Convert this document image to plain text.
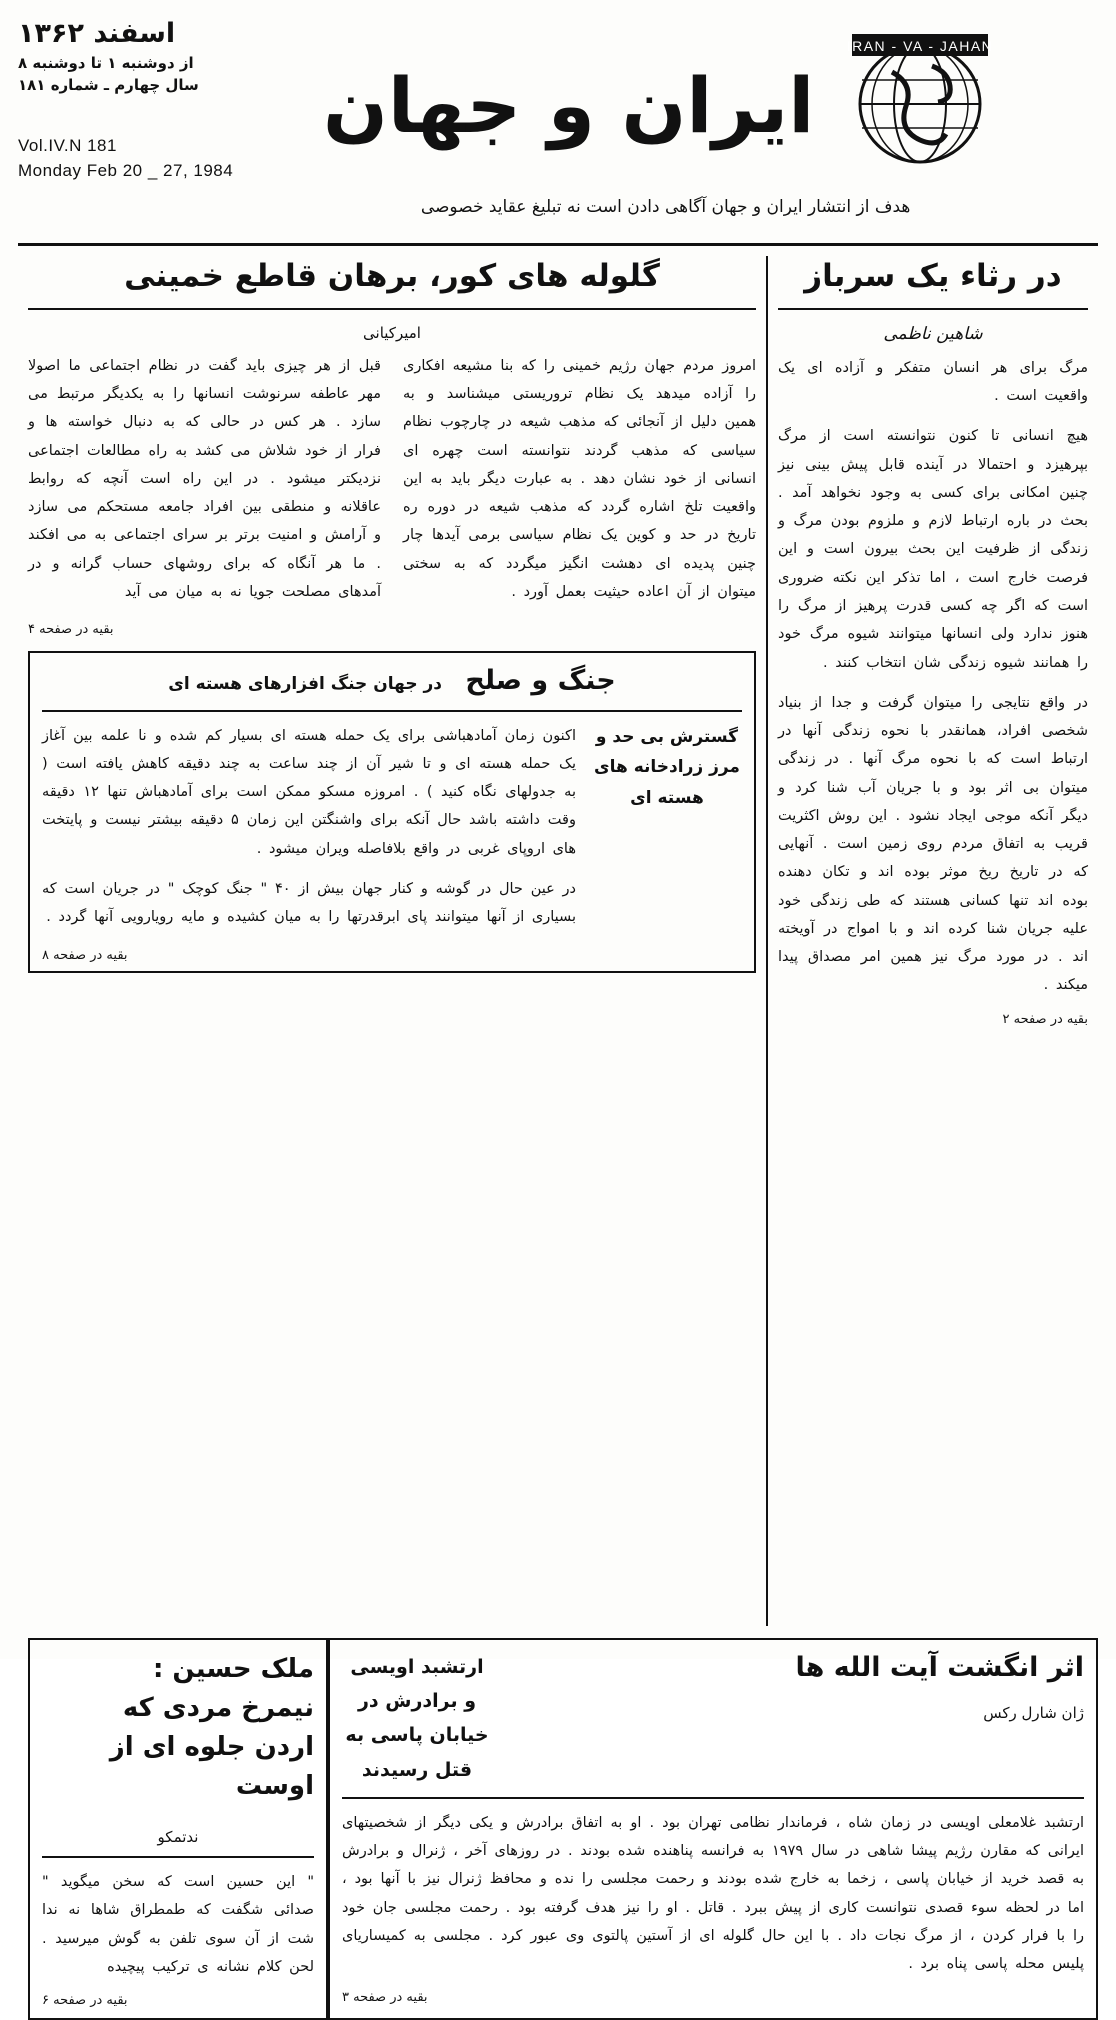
اسفند ۱۳۶۲
از دوشنبه ۱ تا دوشنبه ۸
سال چهارم ـ شماره ۱۸۱
Vol.IV.N 181
Monday Feb 20 _ 27, 1984
ایران و جهان
IRAN - VA - JAHAN
هدف از انتشار ایران و جهان آگاهی دادن است نه تبلیغ عقاید خصوصی
در رثاء یک سرباز
شاهین ناظمی

مرگ برای هر انسان متفکر و آزاده ای یک واقعیت است .

هیچ انسانی تا کنون نتوانسته است از مرگ بپرهیزد و احتمالا در آینده قابل پیش بینی نیز چنین امکانی برای کسی به وجود نخواهد آمد . بحث در باره ارتباط لازم و ملزوم بودن مرگ و زندگی از ظرفیت این بحث بیرون است و این فرصت خارج است ، اما تذکر این نکته ضروری است که اگر چه کسی قدرت پرهیز از مرگ را هنوز ندارد ولی انسانها میتوانند شیوه مرگ خود را همانند شیوه زندگی شان انتخاب کنند .

در واقع نتایجی را میتوان گرفت و جدا از بنیاد شخصی افراد، همانقدر با نحوه زندگی آنها در ارتباط است که با نحوه مرگ آنها . در زندگی میتوان بی اثر بود و با جریان آب شنا کرد و دیگر آنکه موجی ایجاد نشود . این روش اکثریت قریب به اتفاق مردم روی زمین است . آنهایی که در تاریخ ریخ موثر بوده اند و تکان دهنده بوده اند تنها کسانی هستند که طی زندگی خود علیه جریان شنا کرده اند و با امواج در آویخته اند . در مورد مرگ نیز همین امر مصداق پیدا میکند .

بقیه در صفحه ۲
گلوله های کور، برهان قاطع خمینی
امیرکیانی

امروز مردم جهان رژیم خمینی را که بنا مشیعه افکاری را آزاده میدهد یک نظام تروریستی میشناسد و به همین دلیل از آنجائی که مذهب شیعه در چارچوب نظام سیاسی که مذهب گردند نتوانسته است چهره ای انسانی از خود نشان دهد . به عبارت دیگر باید به این واقعیت تلخ اشاره گردد که مذهب شیعه در دوره ره تاریخ در حد و کوین یک نظام سیاسی برمی آیدها چار چنین پدیده ای دهشت انگیز میگردد که به سختی میتوان از آن اعاده حیثیت بعمل آورد .

قبل از هر چیزی باید گفت در نظام اجتماعی ما اصولا مهر عاطفه سرنوشت انسانها را به یکدیگر مرتبط می سازد . هر کس در حالی که به دنبال خواسته ها و فرار از خود شلاش می کشد به راه مطالعات اجتماعی نزدیکتر میشود . در این راه است آنچه که روابط عاقلانه و منطقی بین افراد جامعه مستحکم می سازد و آرامش و امنیت برتر بر سرای اجتماعی به می افکند . ما هر آنگاه که برای روشهای حساب گرانه و در آمدهای مصلحت جویا نه به میان می آید

بقیه در صفحه ۴
جنگ و صلح در جهان جنگ افزارهای هسته ای
گسترش بی حد و مرز زرادخانه های هسته ای

اکنون زمان آمادهباشی برای یک حمله هسته ای بسیار کم شده و نا علمه بین آغاز یک حمله هسته ای و تا شیر آن از چند ساعت به چند دقیقه کاهش یافته است ( به جدولهای نگاه کنید ) . امروزه مسکو ممکن است برای آمادهباش تنها ۱۲ دقیقه وقت داشته باشد حال آنکه برای واشنگتن این زمان ۵ دقیقه بیشتر نیست و پایتخت های اروپای غربی در واقع بلافاصله ویران میشود .

در عین حال در گوشه و کنار جهان بیش از ۴۰ " جنگ کوچک " در جریان است که بسیاری از آنها میتوانند پای ابرقدرتها را به میان کشیده و مایه رویارویی آنها گردد .

بقیه در صفحه ۸
اثر انگشت آیت الله ها
ژان شارل رکس
ارتشبد اویسی و برادرش در خیابان پاسی به قتل رسیدند

ارتشبد غلامعلی اویسی در زمان شاه ، فرماندار نظامی تهران بود . او به اتفاق برادرش و یکی دیگر از شخصیتهای ایرانی که مقارن رژیم پیشا شاهی در سال ۱۹۷۹ به فرانسه پناهنده شده بودند . در روزهای آخر ، ژنرال و برادرش به قصد خرید از خیابان پاسی ، زخما به خارج شده بودند و رحمت مجلسی را نده و محافظ ژنرال نیز با آنها بود ، اما در لحظه سوء قصدی نتوانست کاری از پیش ببرد . قاتل . او را نیز هدف گرفته بود . رحمت مجلسی جان خود را با فرار کردن ، از مرگ نجات داد . با این حال گلوله ای از آستین پالتوی وی عبور کرد . مجلسی به کمیساریای پلیس محله پاسی پناه برد .

بقیه در صفحه ۳
ملک حسین :
نیمرخ مردی که
اردن جلوه ای از اوست
ندتمکو

" این حسین است که سخن میگوید " صدائی شگفت که طمطراق شاها نه ندا شت از آن سوی تلفن به گوش میرسید . لحن کلام نشانه ی ترکیب پیچیده

بقیه در صفحه ۶
